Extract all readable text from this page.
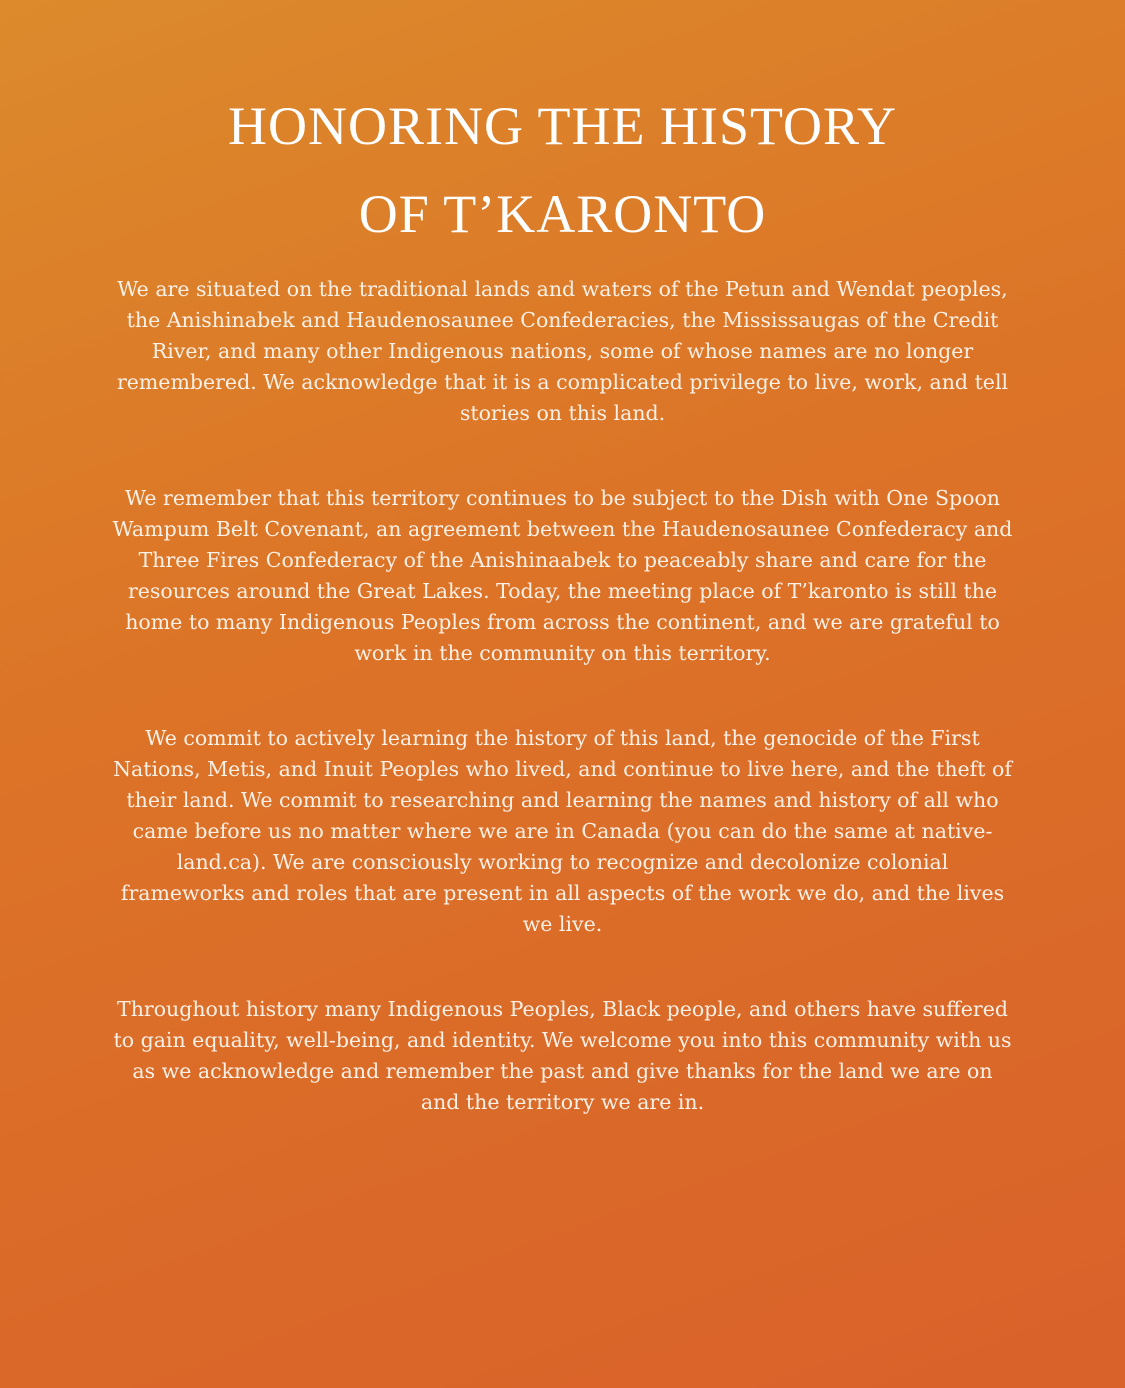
HONORING THE HISTORY
OF T’KARONTO

We are situated on the traditional lands and waters of the Petun and Wendat peoples, the Anishinabek and Haudenosaunee Confederacies, the Mississaugas of the Credit River, and many other Indigenous nations, some of whose names are no longer remembered. We acknowledge that it is a complicated privilege to live, work, and tell stories on this land.

We remember that this territory continues to be subject to the Dish with One Spoon Wampum Belt Covenant, an agreement between the Haudenosaunee Confederacy and Three Fires Confederacy of the Anishinaabek to peaceably share and care for the resources around the Great Lakes. Today, the meeting place of T’karonto is still the home to many Indigenous Peoples from across the continent, and we are grateful to work in the community on this territory.

We commit to actively learning the history of this land, the genocide of the First Nations, Metis, and Inuit Peoples who lived, and continue to live here, and the theft of their land. We commit to researching and learning the names and history of all who came before us no matter where we are in Canada (you can do the same at native-land.ca). We are consciously working to recognize and decolonize colonial frameworks and roles that are present in all aspects of the work we do, and the lives we live.

Throughout history many Indigenous Peoples, Black people, and others have suffered to gain equality, well-being, and identity. We welcome you into this community with us as we acknowledge and remember the past and give thanks for the land we are on and the territory we are in.
